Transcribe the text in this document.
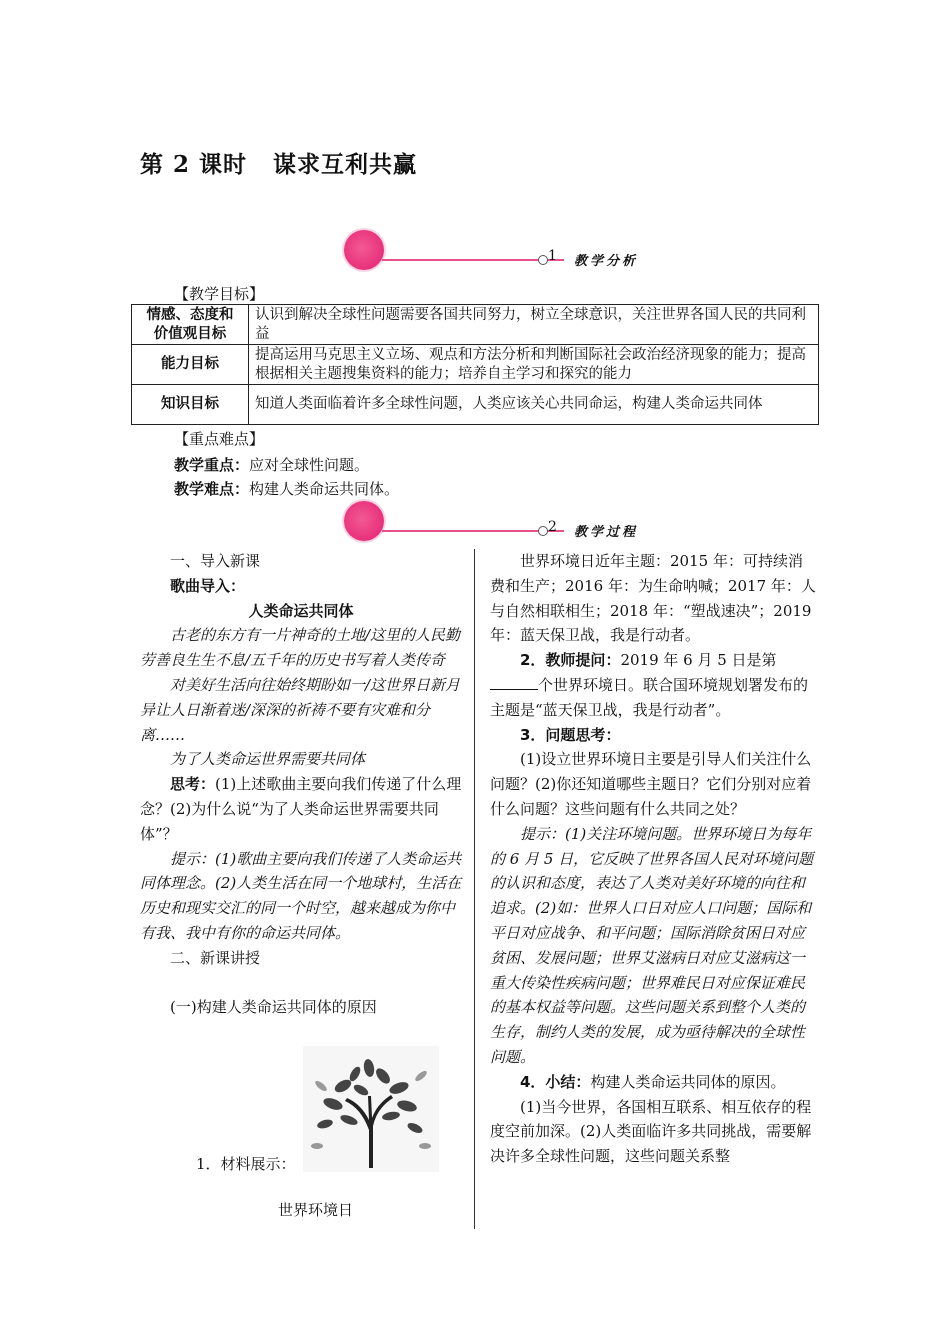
第 2 课时 谋求互利共赢
1 教学分析
【教学目标】
情感、态度和
价值观目标	认识到解决全球性问题需要各国共同努力，树立全球意识，关注世界各国人民的共同利益
能力目标	提高运用马克思主义立场、观点和方法分析和判断国际社会政治经济现象的能力；提高根据相关主题搜集资料的能力；培养自主学习和探究的能力
知识目标	知道人类面临着许多全球性问题，人类应该关心共同命运，构建人类命运共同体
【重点难点】
教学重点：应对全球性问题。
教学难点：构建人类命运共同体。
2 教学过程

一、导入新课

歌曲导入：

人类命运共同体

古老的东方有一片神奇的土地/这里的人民勤劳善良生生不息/五千年的历史书写着人类传奇

对美好生活向往始终期盼如一/这世界日新月异让人日渐着迷/深深的祈祷不要有灾难和分离……

为了人类命运世界需要共同体

思考：(1)上述歌曲主要向我们传递了什么理念？(2)为什么说“为了人类命运世界需要共同体”？

提示：(1)歌曲主要向我们传递了人类命运共同体理念。(2)人类生活在同一个地球村，生活在历史和现实交汇的同一个时空，越来越成为你中有我、我中有你的命运共同体。

二、新课讲授

(一)构建人类命运共同体的原因

1．材料展示：
世界环境日

世界环境日近年主题：2015 年：可持续消费和生产；2016 年：为生命呐喊；2017 年：人与自然相联相生；2018 年：“塑战速决”；2019 年：蓝天保卫战，我是行动者。

2．教师提问：2019 年 6 月 5 日是第个世界环境日。联合国环境规划署发布的主题是“蓝天保卫战，我是行动者”。

3．问题思考：

(1)设立世界环境日主要是引导人们关注什么问题？(2)你还知道哪些主题日？它们分别对应着什么问题？这些问题有什么共同之处？

提示：(1)关注环境问题。世界环境日为每年的 6 月 5 日，它反映了世界各国人民对环境问题的认识和态度，表达了人类对美好环境的向往和追求。(2)如：世界人口日对应人口问题；国际和平日对应战争、和平问题；国际消除贫困日对应贫困、发展问题；世界艾滋病日对应艾滋病这一重大传染性疾病问题；世界难民日对应保证难民的基本权益等问题。这些问题关系到整个人类的生存，制约人类的发展，成为亟待解决的全球性问题。

4．小结：构建人类命运共同体的原因。

(1)当今世界，各国相互联系、相互依存的程度空前加深。(2)人类面临许多共同挑战，需要解决许多全球性问题，这些问题关系整
